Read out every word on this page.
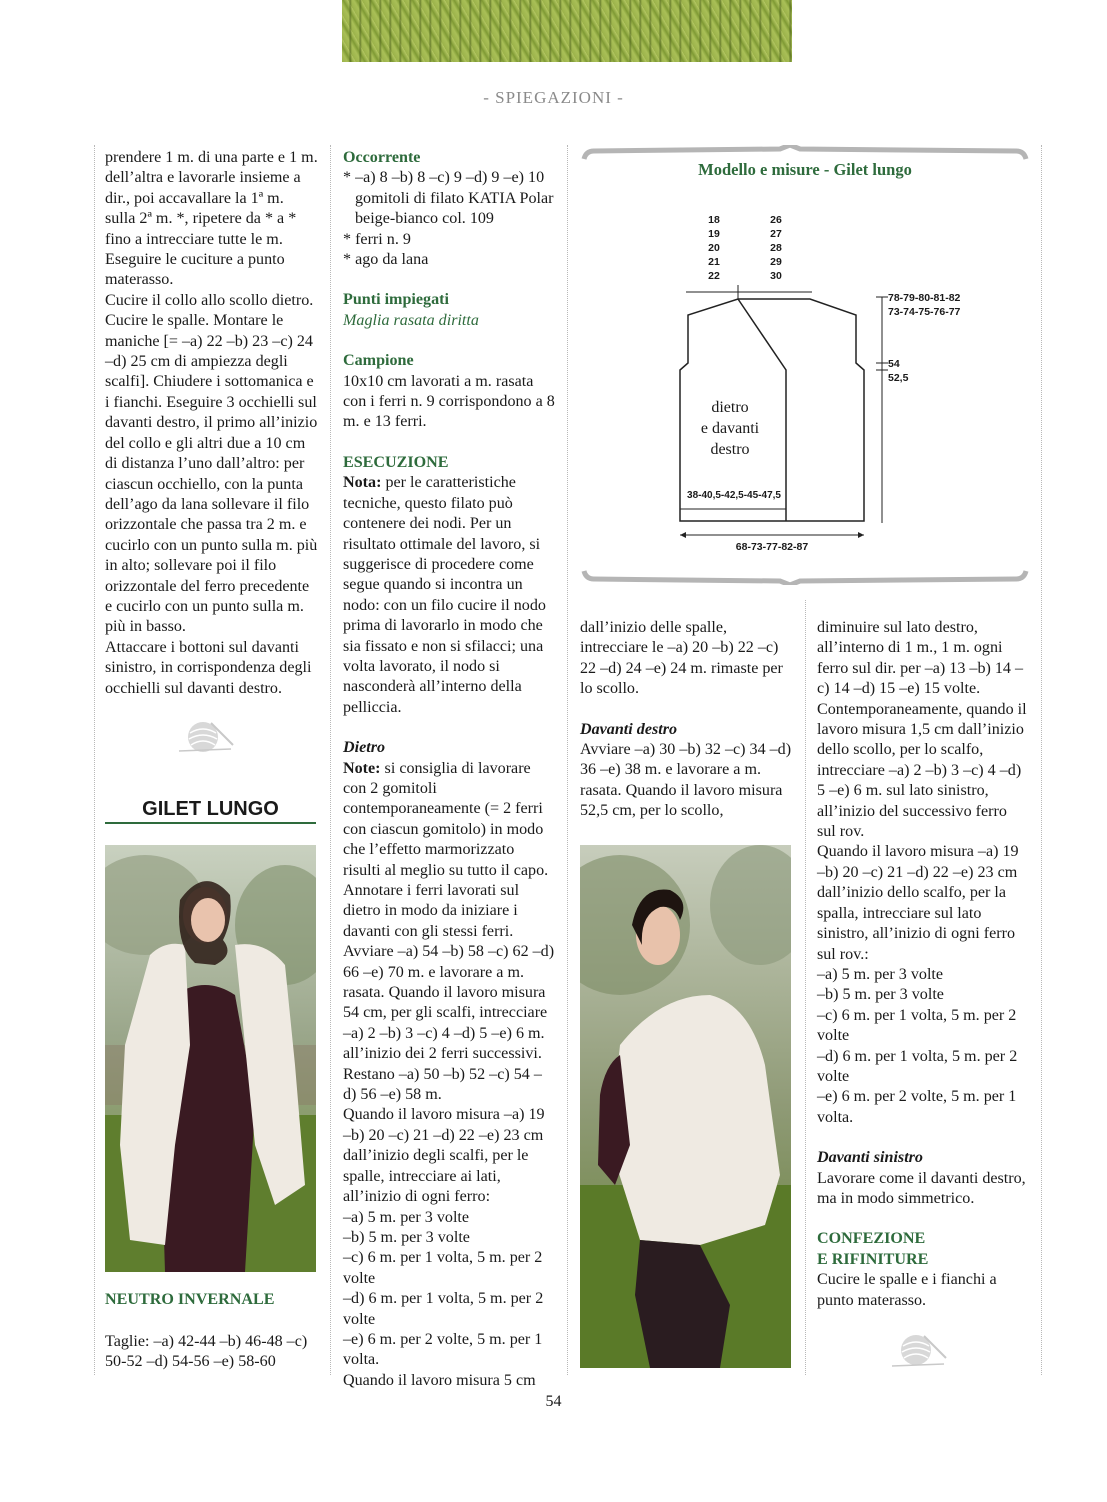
- SPIEGAZIONI -

prendere 1 m. di una parte e 1 m. dell’altra e lavorarle insieme a dir., poi accavallare la 1ª m. sulla 2ª m. *, ripetere da * a * fino a intrecciare tutte le m.

Eseguire le cuciture a punto materasso.

Cucire il collo allo scollo dietro. Cucire le spalle. Montare le maniche [= –a) 22 –b) 23 –c) 24 –d) 25 cm di ampiezza degli scalfi]. Chiudere i sottomanica e i fianchi. Eseguire 3 occhielli sul davanti destro, il primo all’inizio del collo e gli altri due a 10 cm di distanza l’uno dall’altro: per ciascun occhiello, con la punta dell’ago da lana sollevare il filo orizzontale che passa tra 2 m. e cucirlo con un punto sulla m. più in alto; sollevare poi il filo orizzontale del ferro precedente e cucirlo con un punto sulla m. più in basso.

Attaccare i bottoni sul davanti sinistro, in corrispondenza degli occhielli sul davanti destro.

GILET LUNGO
NEUTRO INVERNALE
Taglie: –a) 42-44 –b) 46-48 –c) 50-52 –d) 54-56 –e) 58-60

Occorrente

* –a) 8 –b) 8 –c) 9 –d) 9 –e) 10 gomitoli di filato KATIA Polar beige-bianco col. 109

* ferri n. 9

* ago da lana

Punti impiegati

Maglia rasata diritta

Campione

10x10 cm lavorati a m. rasata con i ferri n. 9 corrispondono a 8 m. e 13 ferri.

ESECUZIONE

Nota: per le caratteristiche tecniche, questo filato può contenere dei nodi. Per un risultato ottimale del lavoro, si suggerisce di procedere come segue quando si incontra un nodo: con un filo cucire il nodo prima di lavorarlo in modo che sia fissato e non si sfilacci; una volta lavorato, il nodo si nasconderà all’interno della pelliccia.

Dietro

Note: si consiglia di lavorare con 2 gomitoli contemporaneamente (= 2 ferri con ciascun gomitolo) in modo che l’effetto marmorizzato risulti al meglio su tutto il capo. Annotare i ferri lavorati sul dietro in modo da iniziare i davanti con gli stessi ferri.

Avviare –a) 54 –b) 58 –c) 62 –d) 66 –e) 70 m. e lavorare a m. rasata. Quando il lavoro misura 54 cm, per gli scalfi, intrecciare –a) 2 –b) 3 –c) 4 –d) 5 –e) 6 m. all’inizio dei 2 ferri successivi. Restano –a) 50 –b) 52 –c) 54 –d) 56 –e) 58 m.

Quando il lavoro misura –a) 19 –b) 20 –c) 21 –d) 22 –e) 23 cm dall’inizio degli scalfi, per le spalle, intrecciare ai lati, all’inizio di ogni ferro:

–a) 5 m. per 3 volte

–b) 5 m. per 3 volte

–c) 6 m. per 1 volta, 5 m. per 2 volte

–d) 6 m. per 1 volta, 5 m. per 2 volte

–e) 6 m. per 2 volte, 5 m. per 1 volta.

Quando il lavoro misura 5 cm

Modello e misure - Gilet lungo
18
19
20
21
22
26
27
28
29
30
78-79-80-81-82
73-74-75-76-77
54
52,5
dietro
e davanti
destro
38-40,5-42,5-45-47,5
68-73-77-82-87

dall’inizio delle spalle, intrecciare le –a) 20 –b) 22 –c) 22 –d) 24 –e) 24 m. rimaste per lo scollo.

Davanti destro

Avviare –a) 30 –b) 32 –c) 34 –d) 36 –e) 38 m. e lavorare a m. rasata. Quando il lavoro misura 52,5 cm, per lo scollo,

diminuire sul lato destro, all’interno di 1 m., 1 m. ogni ferro sul dir. per –a) 13 –b) 14 –c) 14 –d) 15 –e) 15 volte.

Contemporaneamente, quando il lavoro misura 1,5 cm dall’inizio dello scollo, per lo scalfo, intrecciare –a) 2 –b) 3 –c) 4 –d) 5 –e) 6 m. sul lato sinistro, all’inizio del successivo ferro sul rov.

Quando il lavoro misura –a) 19 –b) 20 –c) 21 –d) 22 –e) 23 cm dall’inizio dello scalfo, per la spalla, intrecciare sul lato sinistro, all’inizio di ogni ferro sul rov.:

–a) 5 m. per 3 volte

–b) 5 m. per 3 volte

–c) 6 m. per 1 volta, 5 m. per 2 volte

–d) 6 m. per 1 volta, 5 m. per 2 volte

–e) 6 m. per 2 volte, 5 m. per 1 volta.

Davanti sinistro

Lavorare come il davanti destro, ma in modo simmetrico.

CONFEZIONE

E RIFINITURE

Cucire le spalle e i fianchi a punto materasso.

54
